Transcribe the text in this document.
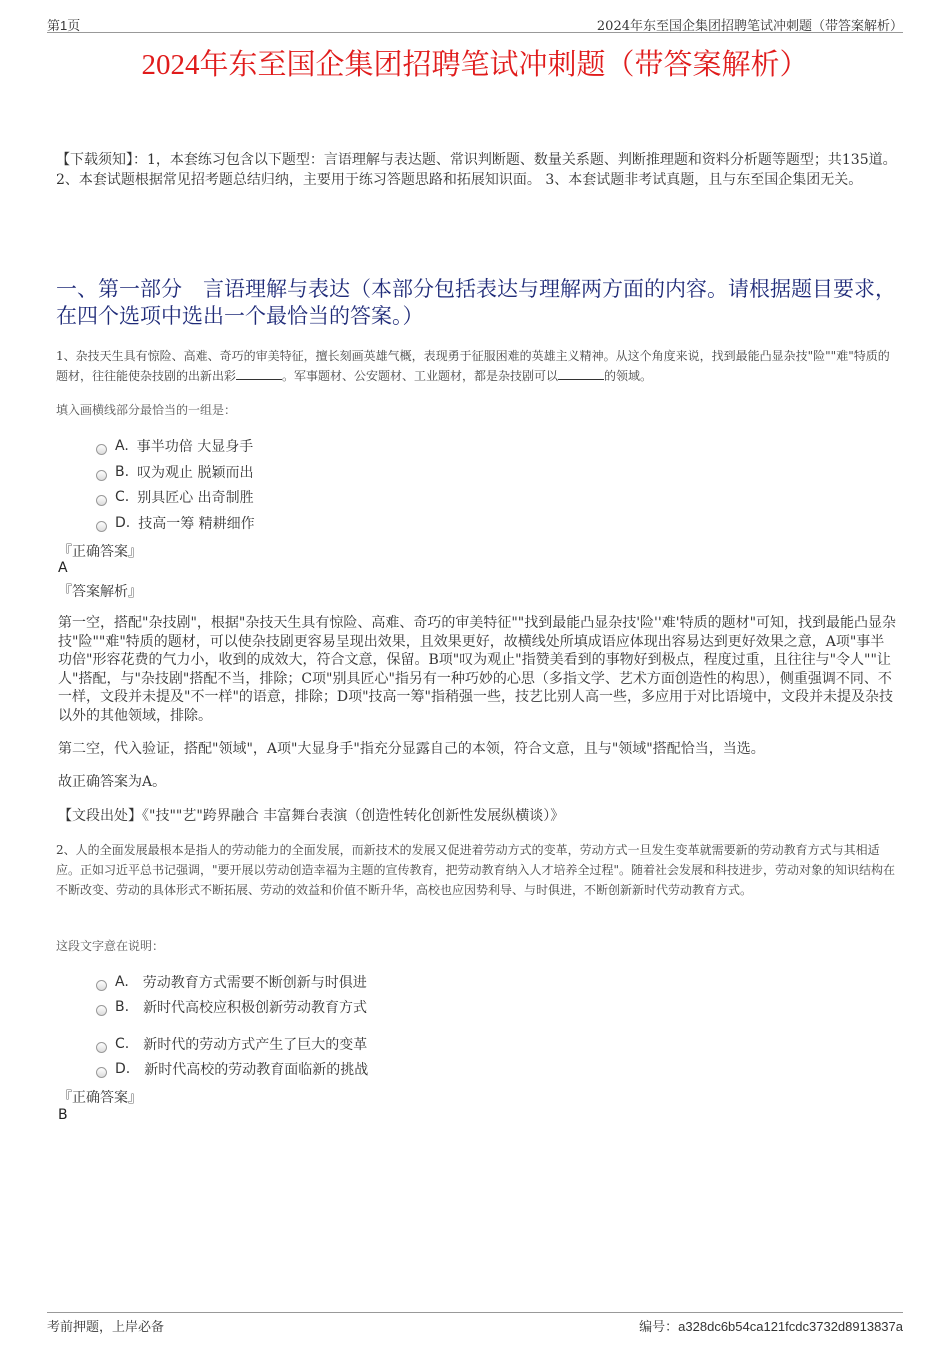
第1页	2024年东至国企集团招聘笔试冲刺题（带答案解析）
2024年东至国企集团招聘笔试冲刺题（带答案解析）
【下载须知】：1，本套练习包含以下题型：言语理解与表达题、常识判断题、数量关系题、判断推理题和资料分析题等题型；共135道。2、本套试题根据常见招考题总结归纳，主要用于练习答题思路和拓展知识面。 3、本套试题非考试真题，且与东至国企集团无关。
一、第一部分　言语理解与表达（本部分包括表达与理解两方面的内容。请根据题目要求，在四个选项中选出一个最恰当的答案。）
1、杂技天生具有惊险、高难、奇巧的审美特征，擅长刻画英雄气概，表现勇于征服困难的英雄主义精神。从这个角度来说，找到最能凸显杂技"险""难"特质的题材，往往能使杂技剧的出新出彩	。军事题材、公安题材、工业题材，都是杂技剧可以	的领域。
填入画横线部分最恰当的一组是：
A. 事半功倍 大显身手
B. 叹为观止 脱颖而出
C. 别具匠心 出奇制胜
D. 技高一筹 精耕细作
『正确答案』
A
『答案解析』
第一空，搭配"杂技剧"，根据"杂技天生具有惊险、高难、奇巧的审美特征""找到最能凸显杂技'险''难'特质的题材"可知，找到最能凸显杂技"险""难"特质的题材，可以使杂技剧更容易呈现出效果，且效果更好，故横线处所填成语应体现出容易达到更好效果之意，A项"事半功倍"形容花费的气力小，收到的成效大，符合文意，保留。B项"叹为观止"指赞美看到的事物好到极点，程度过重，且往往与"令人""让人"搭配，与"杂技剧"搭配不当，排除；C项"别具匠心"指另有一种巧妙的心思（多指文学、艺术方面创造性的构思），侧重强调不同、不一样，文段并未提及"不一样"的语意，排除；D项"技高一筹"指稍强一些，技艺比别人高一些，多应用于对比语境中，文段并未提及杂技以外的其他领域，排除。
第二空，代入验证，搭配"领域"，A项"大显身手"指充分显露自己的本领，符合文意，且与"领域"搭配恰当，当选。
故正确答案为A。
【文段出处】《"技""艺"跨界融合 丰富舞台表演（创造性转化创新性发展纵横谈）》
2、人的全面发展最根本是指人的劳动能力的全面发展，而新技术的发展又促进着劳动方式的变革，劳动方式一旦发生变革就需要新的劳动教育方式与其相适应。正如习近平总书记强调，"要开展以劳动创造幸福为主题的宣传教育，把劳动教育纳入人才培养全过程"。随着社会发展和科技进步，劳动对象的知识结构在不断改变、劳动的具体形式不断拓展、劳动的效益和价值不断升华，高校也应因势利导、与时俱进，不断创新新时代劳动教育方式。
这段文字意在说明：
A. 劳动教育方式需要不断创新与时俱进
B. 新时代高校应积极创新劳动教育方式
C. 新时代的劳动方式产生了巨大的变革
D. 新时代高校的劳动教育面临新的挑战
『正确答案』
B
考前押题，上岸必备	编号：a328dc6b54ca121fcdc3732d8913837a
